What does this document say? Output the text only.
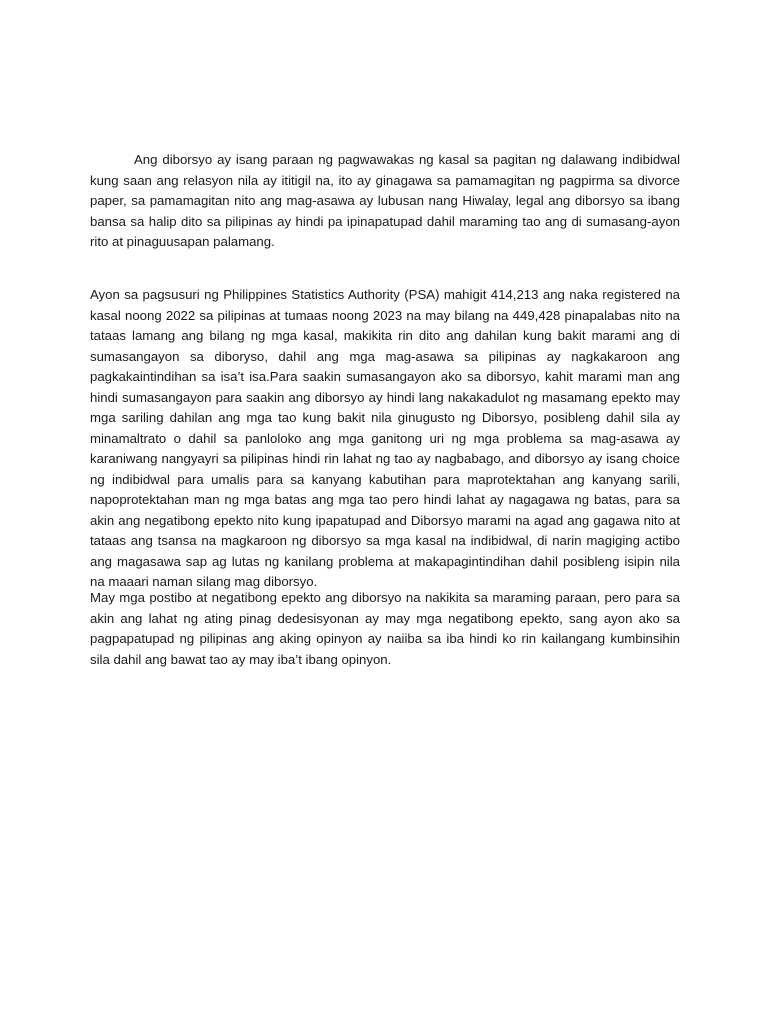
Ang diborsyo ay isang paraan ng pagwawakas ng kasal sa pagitan ng dalawang indibidwal kung saan ang relasyon nila ay ititigil na, ito ay ginagawa sa pamamagitan ng pagpirma sa divorce paper, sa pamamagitan nito ang mag-asawa ay lubusan nang Hiwalay, legal ang diborsyo sa ibang bansa sa halip dito sa pilipinas ay hindi pa ipinapatupad dahil maraming tao ang di sumasang-ayon rito at pinaguusapan palamang.

Ayon sa pagsusuri ng Philippines Statistics Authority (PSA) mahigit 414,213 ang naka registered na kasal noong 2022 sa pilipinas at tumaas noong 2023 na may bilang na 449,428 pinapalabas nito na tataas lamang ang bilang ng mga kasal, makikita rin dito ang dahilan kung bakit marami ang di sumasangayon sa diboryso, dahil ang mga mag-asawa sa pilipinas ay nagkakaroon ang pagkakaintindihan sa isa’t isa.Para saakin sumasangayon ako sa diborsyo, kahit marami man ang hindi sumasangayon para saakin ang diborsyo ay hindi lang nakakadulot ng masamang epekto may mga sariling dahilan ang mga tao kung bakit nila ginugusto ng Diborsyo, posibleng dahil sila ay minamaltrato o dahil sa panloloko ang mga ganitong uri ng mga problema sa mag-asawa ay karaniwang nangyayri sa pilipinas hindi rin lahat ng tao ay nagbabago, and diborsyo ay isang choice ng indibidwal para umalis para sa kanyang kabutihan para maprotektahan ang kanyang sarili, napoprotektahan man ng mga batas ang mga tao pero hindi lahat ay nagagawa ng batas, para sa akin ang negatibong epekto nito kung ipapatupad and Diborsyo marami na agad ang gagawa nito at tataas ang tsansa na magkaroon ng diborsyo sa mga kasal na indibidwal, di narin magiging actibo ang magasawa sap ag lutas ng kanilang problema at makapagintindihan dahil posibleng isipin nila na maaari naman silang mag diborsyo.

May mga postibo at negatibong epekto ang diborsyo na nakikita sa maraming paraan, pero para sa akin ang lahat ng ating pinag dedesisyonan ay may mga negatibong epekto, sang ayon ako sa pagpapatupad ng pilipinas ang aking opinyon ay naiiba sa iba hindi ko rin kailangang kumbinsihin sila dahil ang bawat tao ay may iba’t ibang opinyon.
